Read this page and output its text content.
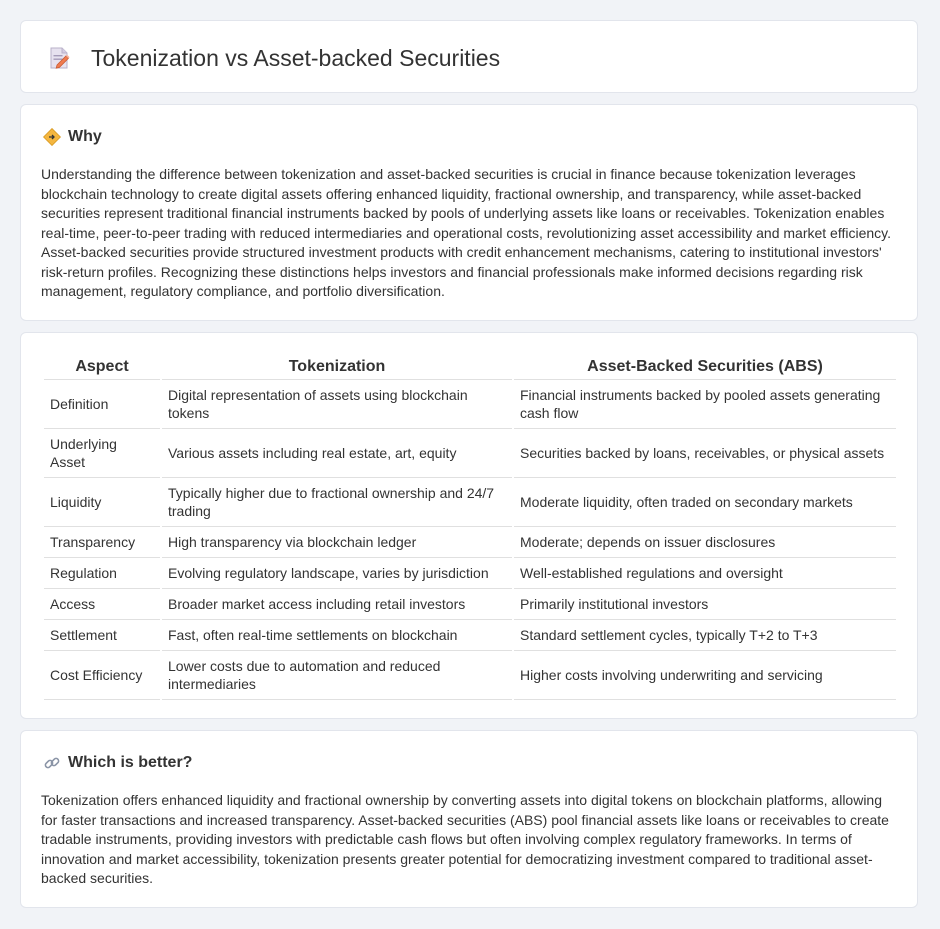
Tokenization vs Asset-backed Securities
Why

Understanding the difference between tokenization and asset-backed securities is crucial in finance because tokenization leverages blockchain technology to create digital assets offering enhanced liquidity, fractional ownership, and transparency, while asset-backed securities represent traditional financial instruments backed by pools of underlying assets like loans or receivables. Tokenization enables real-time, peer-to-peer trading with reduced intermediaries and operational costs, revolutionizing asset accessibility and market efficiency. Asset-backed securities provide structured investment products with credit enhancement mechanisms, catering to institutional investors' risk-return profiles. Recognizing these distinctions helps investors and financial professionals make informed decisions regarding risk management, regulatory compliance, and portfolio diversification.

Aspect	Tokenization	Asset-Backed Securities (ABS)
Definition	Digital representation of assets using blockchain tokens	Financial instruments backed by pooled assets generating cash flow
Underlying Asset	Various assets including real estate, art, equity	Securities backed by loans, receivables, or physical assets
Liquidity	Typically higher due to fractional ownership and 24/7 trading	Moderate liquidity, often traded on secondary markets
Transparency	High transparency via blockchain ledger	Moderate; depends on issuer disclosures
Regulation	Evolving regulatory landscape, varies by jurisdiction	Well-established regulations and oversight
Access	Broader market access including retail investors	Primarily institutional investors
Settlement	Fast, often real-time settlements on blockchain	Standard settlement cycles, typically T+2 to T+3
Cost Efficiency	Lower costs due to automation and reduced intermediaries	Higher costs involving underwriting and servicing
Which is better?

Tokenization offers enhanced liquidity and fractional ownership by converting assets into digital tokens on blockchain platforms, allowing for faster transactions and increased transparency. Asset-backed securities (ABS) pool financial assets like loans or receivables to create tradable instruments, providing investors with predictable cash flows but often involving complex regulatory frameworks. In terms of innovation and market accessibility, tokenization presents greater potential for democratizing investment compared to traditional asset-backed securities.
